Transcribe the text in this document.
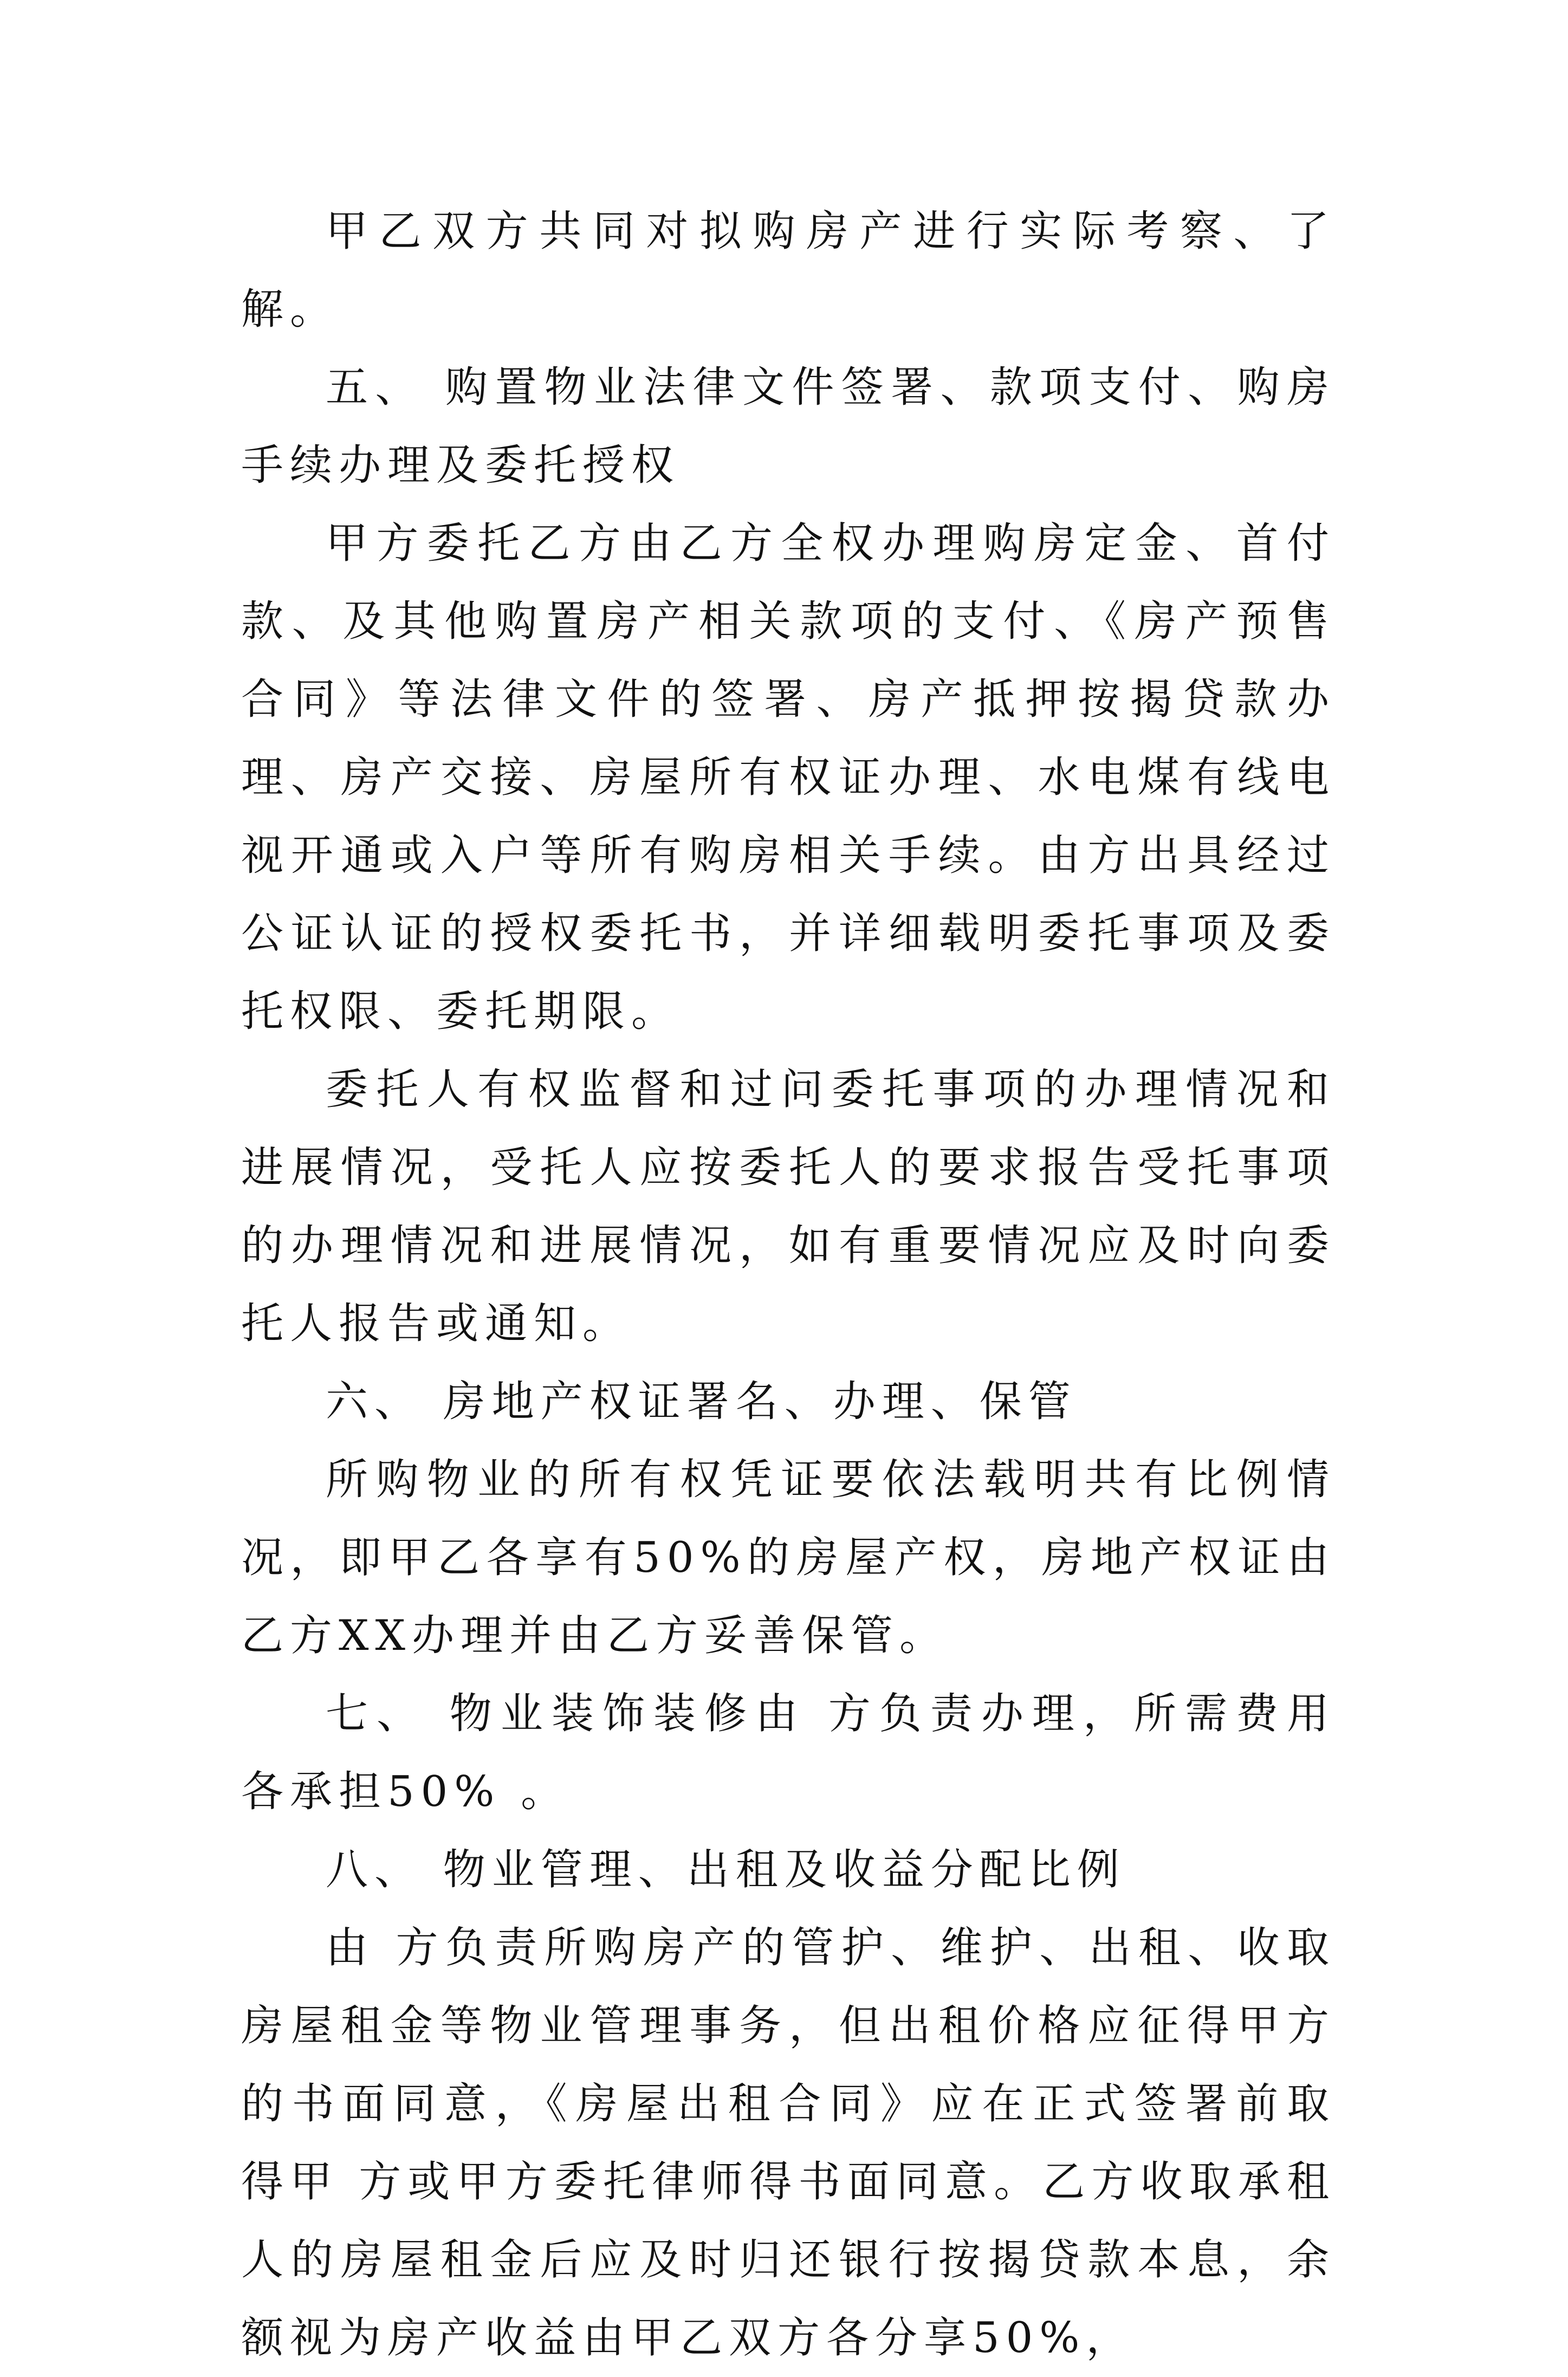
甲乙双方共同对拟购房产进行实际考察、了解。

五、 购置物业法律文件签署、款项支付、购房手续办理及委托授权

甲方委托乙方由乙方全权办理购房定金、首付款、及其他购置房产相关款项的支付、《房产预售合同》等法律文件的签署、房产抵押按揭贷款办理、房产交接、房屋所有权证办理、水电煤有线电视开通或入户等所有购房相关手续。由方出具经过公证认证的授权委托书，并详细载明委托事项及委托权限、委托期限。

委托人有权监督和过问委托事项的办理情况和进展情况，受托人应按委托人的要求报告受托事项的办理情况和进展情况，如有重要情况应及时向委托人报告或通知。

六、 房地产权证署名、办理、保管

所购物业的所有权凭证要依法载明共有比例情况，即甲乙各享有50%的房屋产权，房地产权证由乙方XX办理并由乙方妥善保管。

七、 物业装饰装修由 方负责办理，所需费用各承担50% 。

八、 物业管理、出租及收益分配比例

由 方负责所购房产的管护、维护、出租、收取房屋租金等物业管理事务，但出租价格应征得甲方的书面同意，《房屋出租合同》应在正式签署前取得甲 方或甲方委托律师得书面同意。乙方收取承租人的房屋租金后应及时归还银行按揭贷款本息，余额视为房产收益由甲乙双方各分享50%，
